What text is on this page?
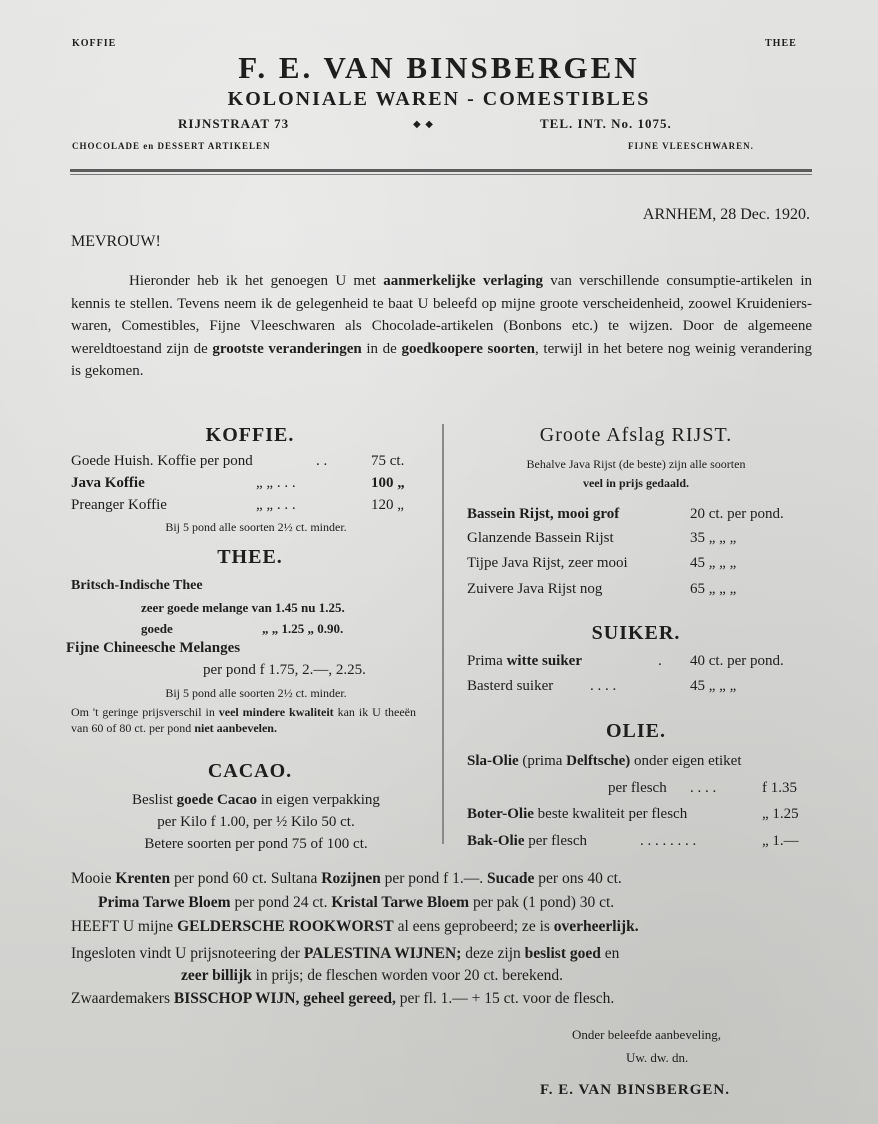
KOFFIE	THEE
F. E. VAN BINSBERGEN
KOLONIALE WAREN - COMESTIBLES
RIJNSTRAAT 73	◆ ◆	TEL. INT. No. 1075.
CHOCOLADE en DESSERT ARTIKELEN	FIJNE VLEESCHWAREN.
ARNHEM, 28 Dec. 1920.
MEVROUW!
Hieronder heb ik het genoegen U met aanmerkelijke verlaging van verschillende consumptie-artikelen in kennis te stellen. Tevens neem ik de gelegenheid te baat U beleefd op mijne groote verscheidenheid, zoowel Kruidenierswaren, Comestibles, Fijne Vleeschwaren als Chocolade-artikelen (Bonbons etc.) te wijzen. Door de algemeene wereldtoestand zijn de grootste veranderingen in de goedkoopere soorten, terwijl in het betere nog weinig verandering is gekomen.
KOFFIE.
Goede Huish. Koffie per pond	. .	75 ct.
Java Koffie	„ „ . . .	100 „
Preanger Koffie	„ „ . . .	120 „
Bij 5 pond alle soorten 2½ ct. minder.
THEE.
Britsch-Indische Thee
zeer goede melange van 1.45 nu 1.25.
goede	„ „ 1.25 „ 0.90.
Fijne Chineesche Melanges
per pond f 1.75, 2.—, 2.25.
Bij 5 pond alle soorten 2½ ct. minder.
Om 't geringe prijsverschil in veel mindere kwaliteit kan ik U theeën van 60 of 80 ct. per pond niet aanbevelen.
CACAO.
Beslist goede Cacao in eigen verpakking
per Kilo f 1.00, per ½ Kilo 50 ct.
Betere soorten per pond 75 of 100 ct.
Groote Afslag RIJST.
Behalve Java Rijst (de beste) zijn alle soorten
veel in prijs gedaald.
Bassein Rijst, mooi grof	20 ct. per pond.
Glanzende Bassein Rijst	35 „ „ „
Tijpe Java Rijst, zeer mooi	45 „ „ „
Zuivere Java Rijst nog	65 „ „ „
SUIKER.
Prima witte suiker	. 40 ct. per pond.
Basterd suiker . . . .	45 „ „ „
OLIE.
Sla-Olie (prima Delftsche) onder eigen etiket
per flesch . . . .	f 1.35
Boter-Olie beste kwaliteit per flesch	„ 1.25
Bak-Olie per flesch	. . . . . . . .	„ 1.—
Mooie Krenten per pond 60 ct. Sultana Rozijnen per pond f 1.—. Sucade per ons 40 ct.
Prima Tarwe Bloem per pond 24 ct. Kristal Tarwe Bloem per pak (1 pond) 30 ct.
HEEFT U mijne GELDERSCHE ROOKWORST al eens geprobeerd; ze is overheerlijk.
Ingesloten vindt U prijsnoteering der PALESTINA WIJNEN; deze zijn beslist goed en
zeer billijk in prijs; de fleschen worden voor 20 ct. berekend.
Zwaardemakers BISSCHOP WIJN, geheel gereed, per fl. 1.— + 15 ct. voor de flesch.
Onder beleefde aanbeveling,
Uw. dw. dn.
F. E. VAN BINSBERGEN.
